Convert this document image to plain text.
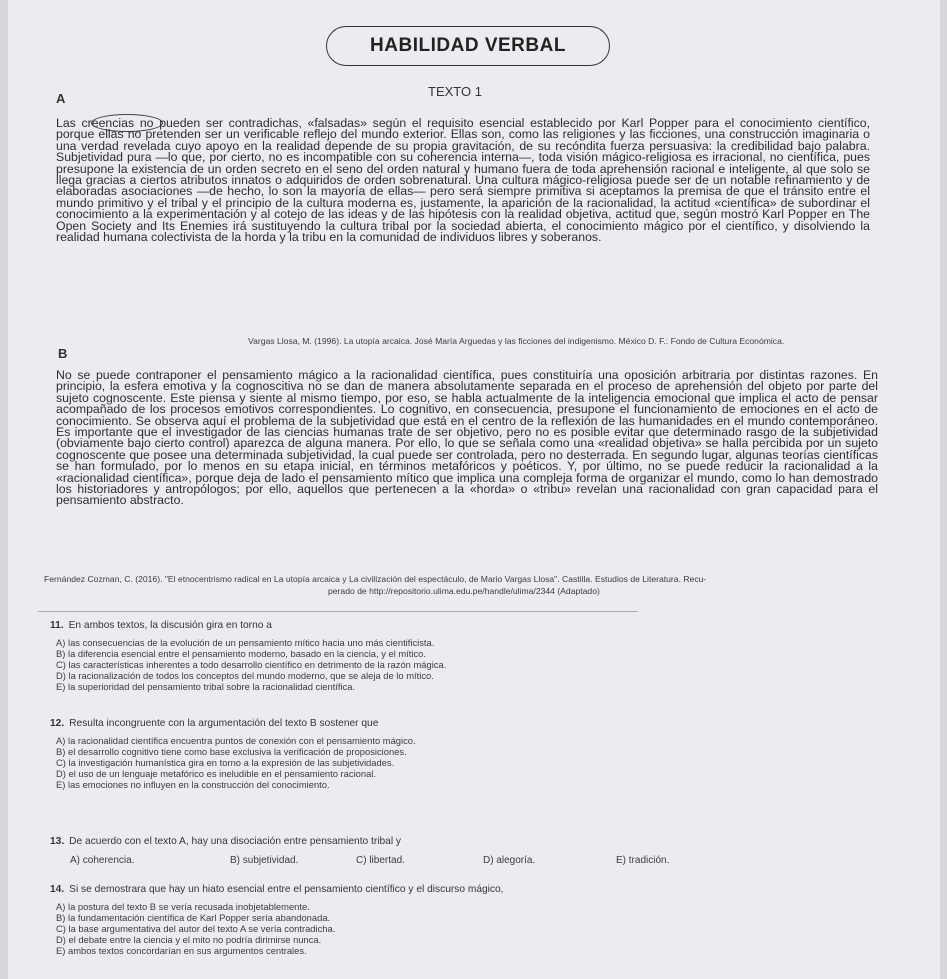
HABILIDAD VERBAL
TEXTO 1
A

Las creencias no pueden ser contradichas, «falsadas» según el requisito esencial establecido por Karl Popper para el conocimiento científico, porque ellas no pretenden ser un verificable reflejo del mundo exterior. Ellas son, como las religiones y las ficciones, una construcción imaginaria o una verdad revelada cuyo apoyo en la realidad depende de su propia gravitación, de su recóndita fuerza persuasiva: la credibilidad bajo palabra. Subjetividad pura —lo que, por cierto, no es incompatible con su coherencia interna—, toda visión mágico-religiosa es irracional, no científica, pues presupone la existencia de un orden secreto en el seno del orden natural y humano fuera de toda aprehensión racional e inteligente, al que solo se llega gracias a ciertos atributos innatos o adquiridos de orden sobrenatural. Una cultura mágico-religiosa puede ser de un notable refinamiento y de elaboradas asociaciones —de hecho, lo son la mayoría de ellas— pero será siempre primitiva si aceptamos la premisa de que el tránsito entre el mundo primitivo y el tribal y el principio de la cultura moderna es, justamente, la aparición de la racionalidad, la actitud «científica» de subordinar el conocimiento a la experimentación y al cotejo de las ideas y de las hipótesis con la realidad objetiva, actitud que, según mostró Karl Popper en The Open Society and Its Enemies irá sustituyendo la cultura tribal por la sociedad abierta, el conocimiento mágico por el científico, y disolviendo la realidad humana colectivista de la horda y la tribu en la comunidad de individuos libres y soberanos.

Vargas Llosa, M. (1996). La utopía arcaica. José María Arguedas y las ficciones del indigenismo. México D. F.: Fondo de Cultura Económica.
B

No se puede contraponer el pensamiento mágico a la racionalidad científica, pues constituiría una oposición arbitraria por distintas razones. En principio, la esfera emotiva y la cognoscitiva no se dan de manera absolutamente separada en el proceso de aprehensión del objeto por parte del sujeto cognoscente. Este piensa y siente al mismo tiempo, por eso, se habla actualmente de la inteligencia emocional que implica el acto de pensar acompañado de los procesos emotivos correspondientes. Lo cognitivo, en consecuencia, presupone el funcionamiento de emociones en el acto de conocimiento. Se observa aquí el problema de la subjetividad que está en el centro de la reflexión de las humanidades en el mundo contemporáneo. Es importante que el investigador de las ciencias humanas trate de ser objetivo, pero no es posible evitar que determinado rasgo de la subjetividad (obviamente bajo cierto control) aparezca de alguna manera. Por ello, lo que se señala como una «realidad objetiva» se halla percibida por un sujeto cognoscente que posee una determinada subjetividad, la cual puede ser controlada, pero no desterrada. En segundo lugar, algunas teorías científicas se han formulado, por lo menos en su etapa inicial, en términos metafóricos y poéticos. Y, por último, no se puede reducir la racionalidad a la «racionalidad científica», porque deja de lado el pensamiento mítico que implica una compleja forma de organizar el mundo, como lo han demostrado los historiadores y antropólogos; por ello, aquellos que pertenecen a la «horda» o «tribu» revelan una racionalidad con gran capacidad para el pensamiento abstracto.

Fernández Cozman, C. (2016). "El etnocentrismo radical en La utopía arcaica y La civilización del espectáculo, de Mario Vargas Llosa". Castilla. Estudios de Literatura. Recu-
perado de http://repositorio.ulima.edu.pe/handle/ulima/2344 (Adaptado)
11. En ambos textos, la discusión gira en torno a
A) las consecuencias de la evolución de un pensamiento mítico hacia uno más cientificista.
B) la diferencia esencial entre el pensamiento moderno, basado en la ciencia, y el mítico.
C) las características inherentes a todo desarrollo científico en detrimento de la razón mágica.
D) la racionalización de todos los conceptos del mundo moderno, que se aleja de lo mítico.
E) la superioridad del pensamiento tribal sobre la racionalidad científica.
12. Resulta incongruente con la argumentación del texto B sostener que
A) la racionalidad científica encuentra puntos de conexión con el pensamiento mágico.
B) el desarrollo cognitivo tiene como base exclusiva la verificación de proposiciones.
C) la investigación humanística gira en torno a la expresión de las subjetividades.
D) el uso de un lenguaje metafórico es ineludible en el pensamiento racional.
E) las emociones no influyen en la construcción del conocimiento.
13. De acuerdo con el texto A, hay una disociación entre pensamiento tribal y
A) coherencia.	B) subjetividad.	C) libertad.	D) alegoría.	E) tradición.
14. Si se demostrara que hay un hiato esencial entre el pensamiento científico y el discurso mágico,
A) la postura del texto B se vería recusada inobjetablemente.
B) la fundamentación científica de Karl Popper sería abandonada.
C) la base argumentativa del autor del texto A se vería contradicha.
D) el debate entre la ciencia y el mito no podría dirimirse nunca.
E) ambos textos concordarían en sus argumentos centrales.
